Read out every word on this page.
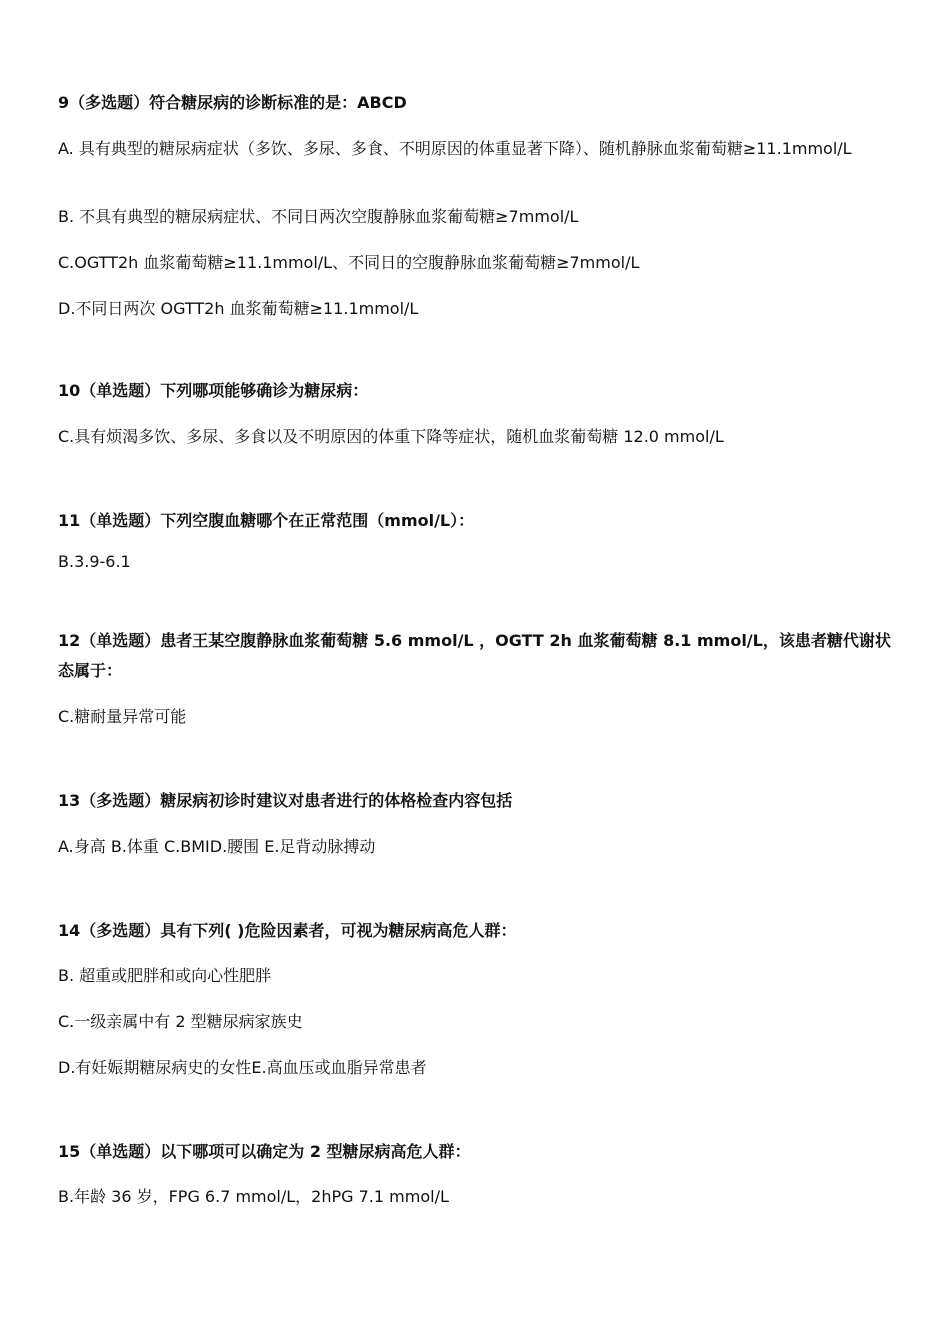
9（多选题）符合糖尿病的诊断标准的是：ABCD

A. 具有典型的糖尿病症状（多饮、多尿、多食、不明原因的体重显著下降）、随机静脉血浆葡萄糖≥11.1mmol/L

B. 不具有典型的糖尿病症状、不同日两次空腹静脉血浆葡萄糖≥7mmol/L

C.OGTT2h 血浆葡萄糖≥11.1mmol/L、不同日的空腹静脉血浆葡萄糖≥7mmol/L

D.不同日两次 OGTT2h 血浆葡萄糖≥11.1mmol/L

10（单选题）下列哪项能够确诊为糖尿病：

C.具有烦渴多饮、多尿、多食以及不明原因的体重下降等症状，随机血浆葡萄糖 12.0 mmol/L

11（单选题）下列空腹血糖哪个在正常范围（mmol/L）：

B.3.9-6.1

12（单选题）患者王某空腹静脉血浆葡萄糖 5.6 mmol/L ，OGTT 2h 血浆葡萄糖 8.1 mmol/L，该患者糖代谢状态属于：

C.糖耐量异常可能

13（多选题）糖尿病初诊时建议对患者进行的体格检查内容包括

A.身高 B.体重 C.BMID.腰围 E.足背动脉搏动

14（多选题）具有下列( )危险因素者，可视为糖尿病高危人群：

B. 超重或肥胖和或向心性肥胖

C.一级亲属中有 2 型糖尿病家族史

D.有妊娠期糖尿病史的女性￼E.高血压或血脂异常患者

15（单选题）以下哪项可以确定为 2 型糖尿病高危人群：

B.年龄 36 岁，FPG 6.7 mmol/L，2hPG 7.1 mmol/L
